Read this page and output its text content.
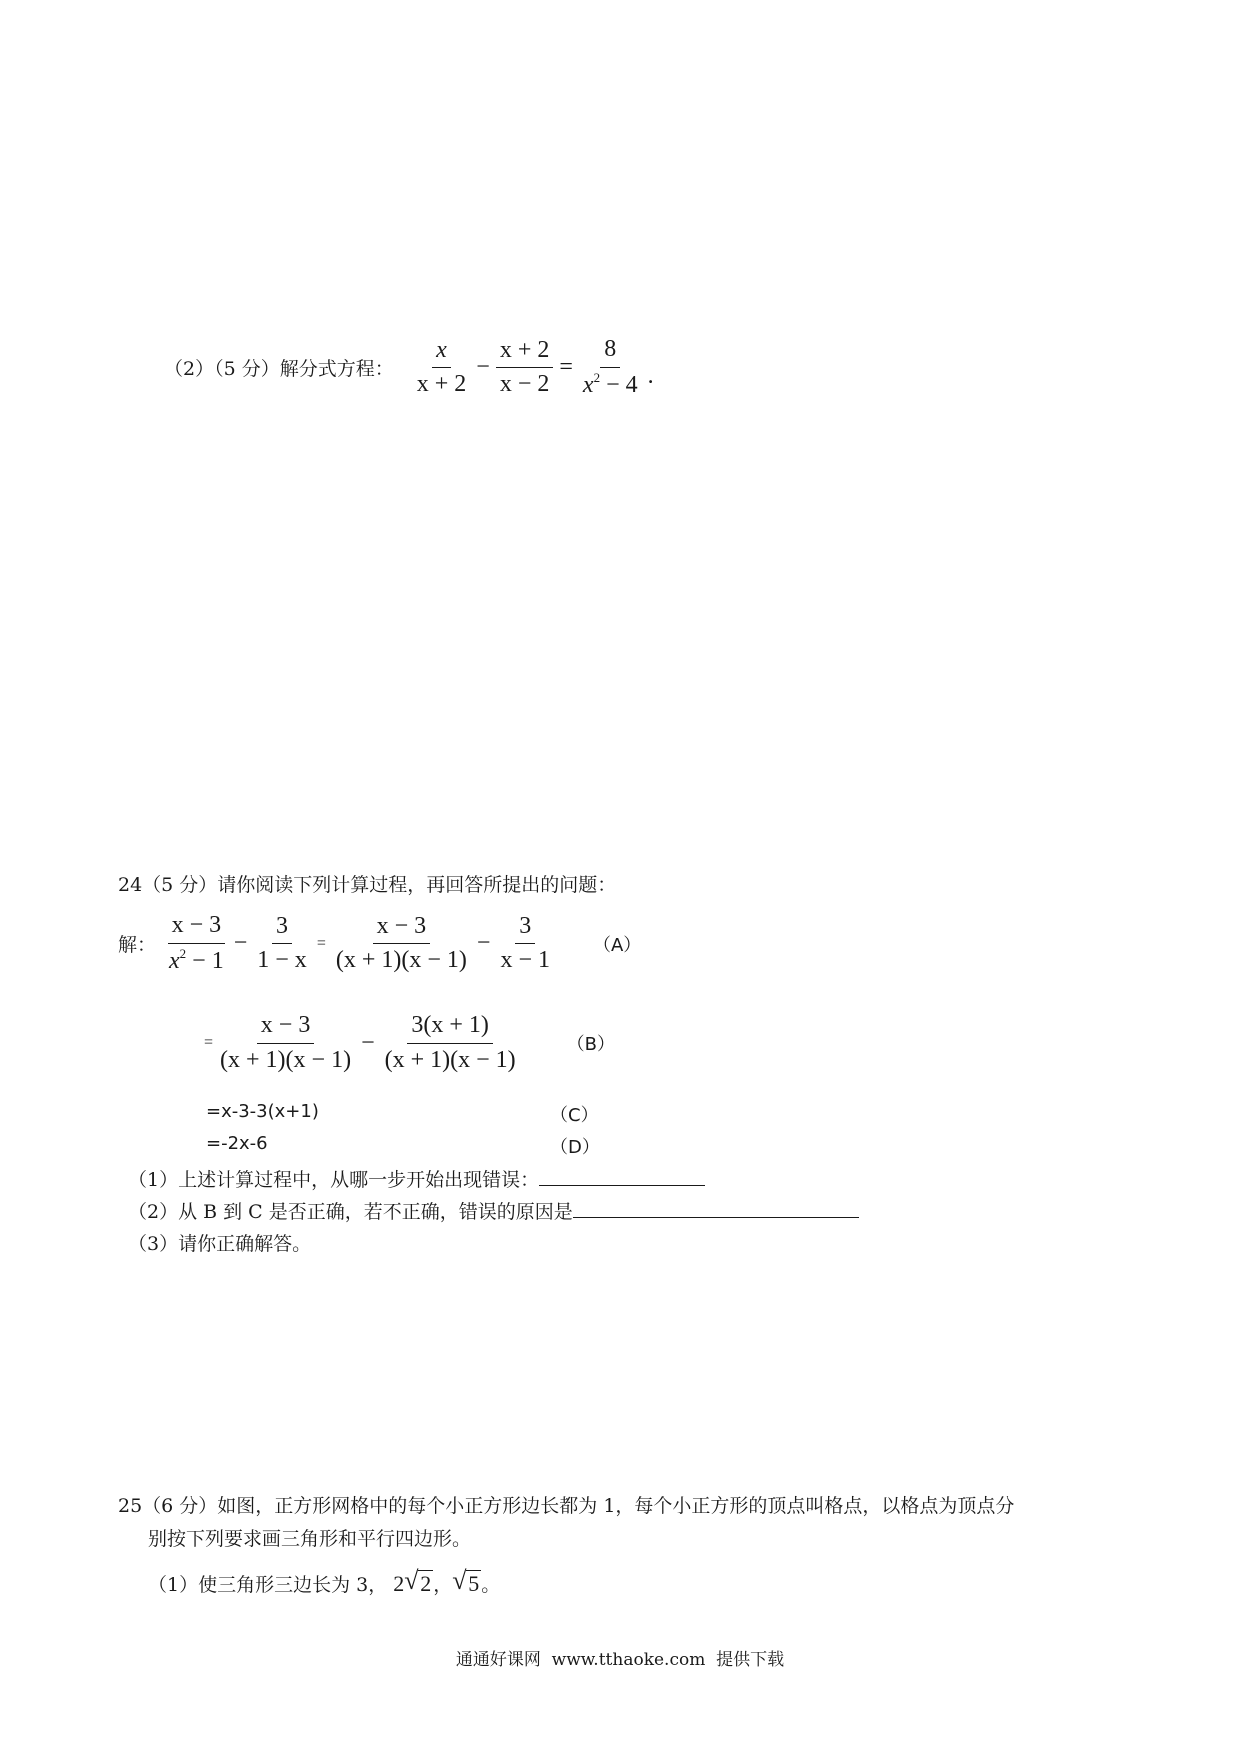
（2）（5 分）解分式方程： $\frac{x}{x + 2} - \frac{x + 2}{x - 2} = \frac{8}{x^2 - 4}$ .
24（5 分）请你阅读下列计算过程，再回答所提出的问题：
解： $\frac{x - 3}{x^2 - 1} - \frac{3}{1 - x} = \frac{x - 3}{(x + 1)(x - 1)} - \frac{3}{x - 1} (A)$
= $\frac{x - 3}{(x + 1)(x - 1)} - \frac{3(x + 1)}{(x + 1)(x - 1)} (B)$
=x-3-3(x+1)	（C）
=-2x-6	（D）
（1）上述计算过程中，从哪一步开始出现错误：
（2）从 B 到 C 是否正确，若不正确，错误的原因是
（3）请你正确解答。
25（6 分）如图，正方形网格中的每个小正方形边长都为 1，每个小正方形的顶点叫格点，以格点为顶点分
别按下列要求画三角形和平行四边形。
（1）使三角形三边长为 3， 2 √ 2 ， √ 5 。
通通好课网  www.tthaoke.com  提供下载
